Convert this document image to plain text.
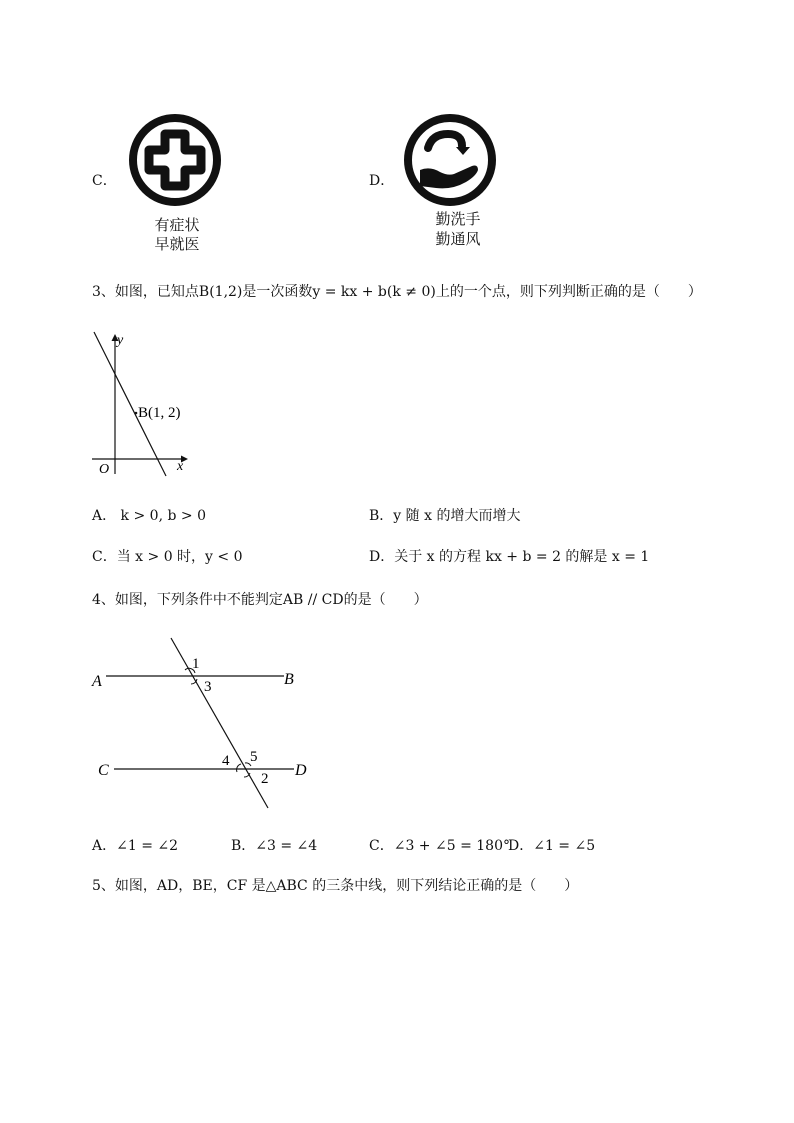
C．
有症状
早就医
D．
勤洗手
勤通风
3、如图，已知点B(1,2)是一次函数y = kx + b(k ≠ 0)上的一个点，则下列判断正确的是（　　）
y
x
O
B(1, 2)
A． k > 0, b > 0	B．y 随 x 的增大而增大
C．当 x > 0 时，y < 0	D．关于 x 的方程 kx + b = 2 的解是 x = 1
4、如图，下列条件中不能判定AB // CD的是（　　）
A	B
C	D
1
3
4 5
2
A．∠1 = ∠2	B．∠3 = ∠4	C．∠3 + ∠5 = 180°
D．∠1 = ∠5
5、如图，AD，BE，CF 是△ABC 的三条中线，则下列结论正确的是（　　）
